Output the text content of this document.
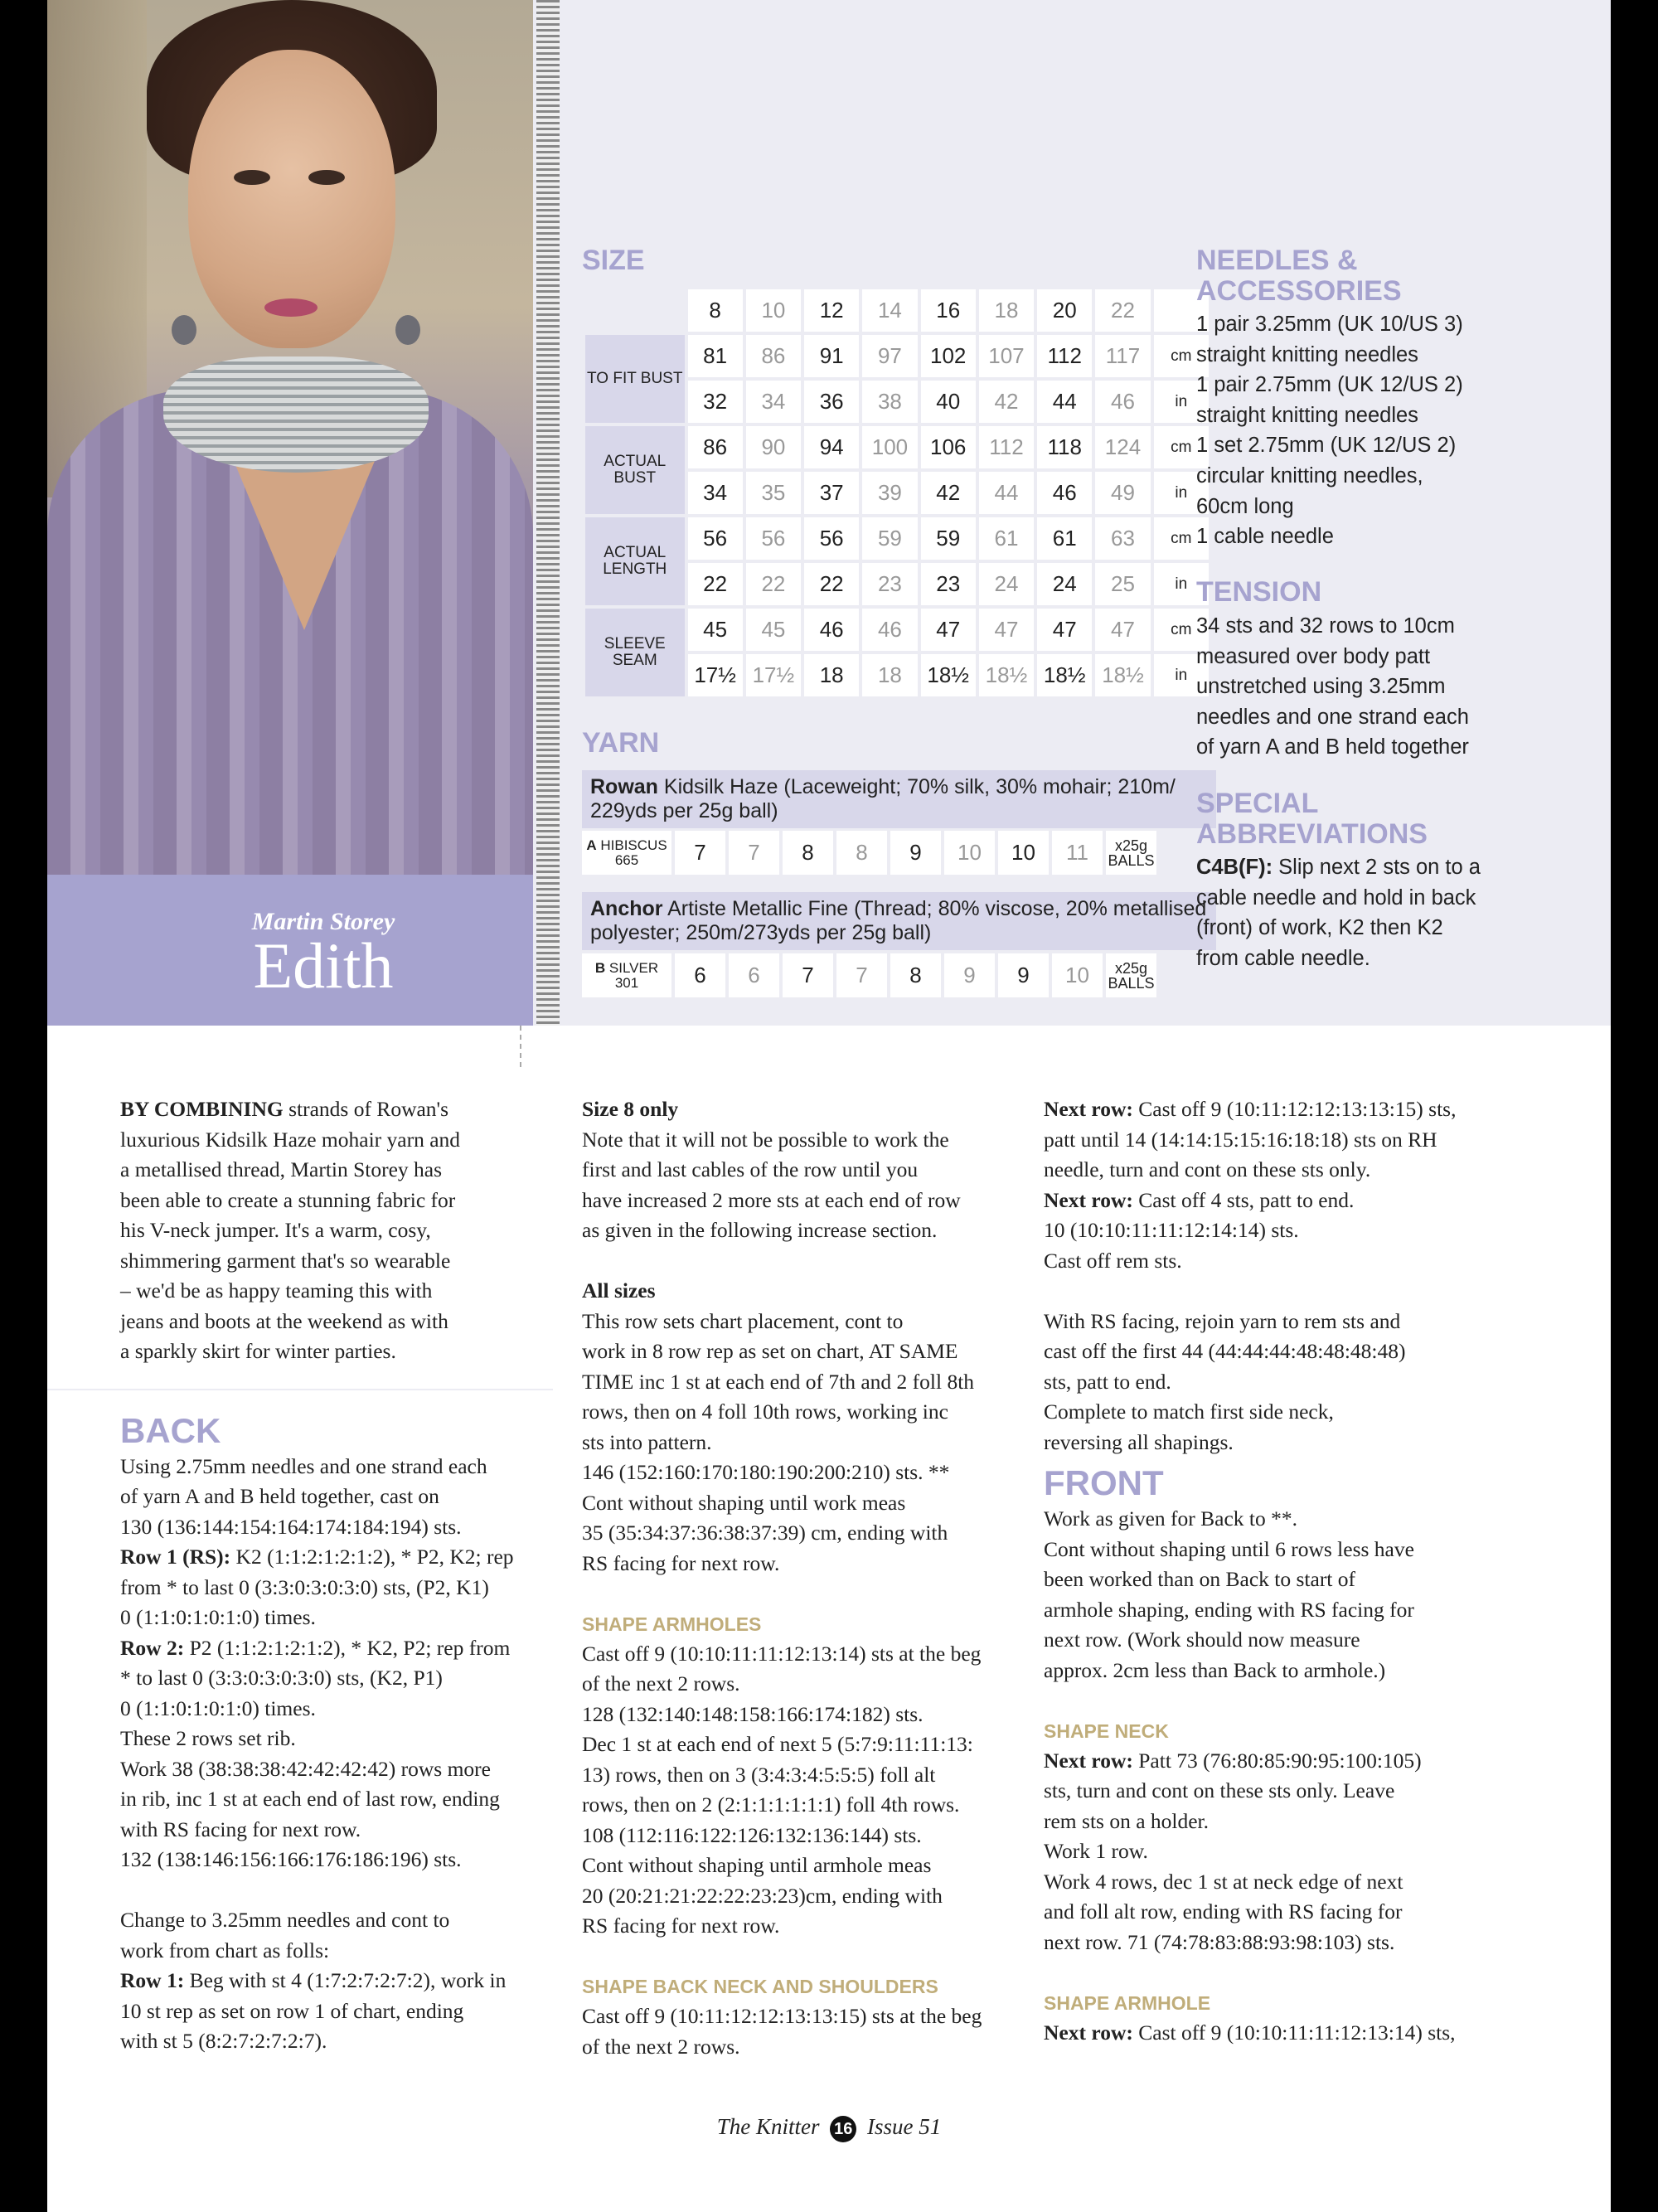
Martin Storey
Edith
SIZE
	8	10	12	14	16	18	20	22	
TO FIT BUST	81	86	91	97	102	107	112	117	cm
	32	34	36	38	40	42	44	46	in
ACTUAL BUST	86	90	94	100	106	112	118	124	cm
	34	35	37	39	42	44	46	49	in
ACTUAL LENGTH	56	56	56	59	59	61	61	63	cm
	22	22	22	23	23	24	24	25	in
SLEEVE SEAM	45	45	46	46	47	47	47	47	cm
	17½	17½	18	18	18½	18½	18½	18½	in
YARN
Rowan Kidsilk Haze (Laceweight; 70% silk, 30% mohair; 210m/ 229yds per 25g ball)
A HIBISCUS
665	7	7	8	8	9	10	10	11	x25g
BALLS
Anchor Artiste Metallic Fine (Thread; 80% viscose, 20% metallised polyester; 250m/273yds per 25g ball)
B SILVER
301	6	6	7	7	8	9	9	10	x25g
BALLS
NEEDLES & ACCESSORIES

1 pair 3.25mm (UK 10/US 3)

straight knitting needles

1 pair 2.75mm (UK 12/US 2)

straight knitting needles

1 set 2.75mm (UK 12/US 2)

circular knitting needles,

60cm long

1 cable needle

TENSION

34 sts and 32 rows to 10cm

measured over body patt

unstretched using 3.25mm

needles and one strand each

of yarn A and B held together

SPECIAL ABBREVIATIONS

C4B(F): Slip next 2 sts on to a

cable needle and hold in back

(front) of work, K2 then K2

from cable needle.

BY COMBINING strands of Rowan's

luxurious Kidsilk Haze mohair yarn and

a metallised thread, Martin Storey has

been able to create a stunning fabric for

his V-neck jumper. It's a warm, cosy,

shimmering garment that's so wearable

– we'd be as happy teaming this with

jeans and boots at the weekend as with

a sparkly skirt for winter parties.

BACK

Using 2.75mm needles and one strand each

of yarn A and B held together, cast on

130 (136:144:154:164:174:184:194) sts.

Row 1 (RS): K2 (1:1:2:1:2:1:2), * P2, K2; rep

from * to last 0 (3:3:0:3:0:3:0) sts, (P2, K1)

0 (1:1:0:1:0:1:0) times.

Row 2: P2 (1:1:2:1:2:1:2), * K2, P2; rep from

* to last 0 (3:3:0:3:0:3:0) sts, (K2, P1)

0 (1:1:0:1:0:1:0) times.

These 2 rows set rib.

Work 38 (38:38:38:42:42:42:42) rows more

in rib, inc 1 st at each end of last row, ending

with RS facing for next row.

132 (138:146:156:166:176:186:196) sts.

Change to 3.25mm needles and cont to

work from chart as folls:

Row 1: Beg with st 4 (1:7:2:7:2:7:2), work in

10 st rep as set on row 1 of chart, ending

with st 5 (8:2:7:2:7:2:7).

Size 8 only

Note that it will not be possible to work the

first and last cables of the row until you

have increased 2 more sts at each end of row

as given in the following increase section.

All sizes

This row sets chart placement, cont to

work in 8 row rep as set on chart, AT SAME

TIME inc 1 st at each end of 7th and 2 foll 8th

rows, then on 4 foll 10th rows, working inc

sts into pattern.

146 (152:160:170:180:190:200:210) sts. **

Cont without shaping until work meas

35 (35:34:37:36:38:37:39) cm, ending with

RS facing for next row.

SHAPE ARMHOLES

Cast off 9 (10:10:11:11:12:13:14) sts at the beg

of the next 2 rows.

128 (132:140:148:158:166:174:182) sts.

Dec 1 st at each end of next 5 (5:7:9:11:11:13:

13) rows, then on 3 (3:4:3:4:5:5:5) foll alt

rows, then on 2 (2:1:1:1:1:1:1) foll 4th rows.

108 (112:116:122:126:132:136:144) sts.

Cont without shaping until armhole meas

20 (20:21:21:22:22:23:23)cm, ending with

RS facing for next row.

SHAPE BACK NECK AND SHOULDERS

Cast off 9 (10:11:12:12:13:13:15) sts at the beg

of the next 2 rows.

Next row: Cast off 9 (10:11:12:12:13:13:15) sts,

patt until 14 (14:14:15:15:16:18:18) sts on RH

needle, turn and cont on these sts only.

Next row: Cast off 4 sts, patt to end.

10 (10:10:11:11:12:14:14) sts.

Cast off rem sts.

With RS facing, rejoin yarn to rem sts and

cast off the first 44 (44:44:44:48:48:48:48)

sts, patt to end.

Complete to match first side neck,

reversing all shapings.

FRONT

Work as given for Back to **.

Cont without shaping until 6 rows less have

been worked than on Back to start of

armhole shaping, ending with RS facing for

next row. (Work should now measure

approx. 2cm less than Back to armhole.)

SHAPE NECK

Next row: Patt 73 (76:80:85:90:95:100:105)

sts, turn and cont on these sts only. Leave

rem sts on a holder.

Work 1 row.

Work 4 rows, dec 1 st at neck edge of next

and foll alt row, ending with RS facing for

next row. 71 (74:78:83:88:93:98:103) sts.

SHAPE ARMHOLE

Next row: Cast off 9 (10:10:11:11:12:13:14) sts,

The Knitter 16 Issue 51
